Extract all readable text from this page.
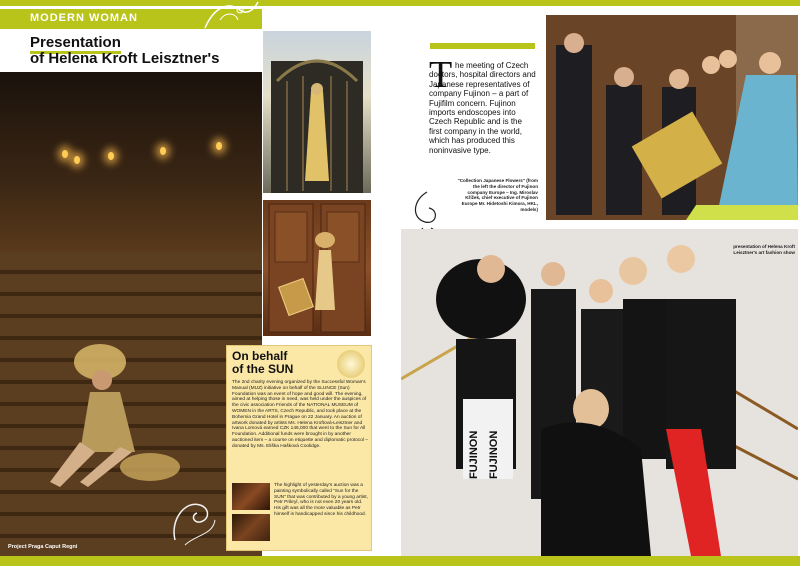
MODERN WOMAN
Presentation
of Helena Kroft Leisztner's
On behalf
of the SUN
The 2nd charity evening organized by the Successful Woman's Manual (MUZ) initiative on behalf of the SLUNCE (Sun) Foundation was an event of hope and good will. The evening, aimed at helping those in need, was held under the auspices of the civic association Friends of the NATIONAL MUSEUM of WOMEN in the ARTS, Czech Republic, and took place at the Bohemia Grand Hotel in Prague on 22 January. An auction of artwork donated by artists Ms. Helena Kroftová-Leisztner and Ivana Lomová earned CZK 146,000 that went to the Sun for All Foundation. Additional funds were brought in by another auctioned item – a course on etiquette and diplomatic protocol – donated by Ms. Eliška Hašková Coolidge.
The highlight of yesterday's auction was a painting symbolically called "Sun for the SUN" that was contributed by a young artist, Petr Prikryl, who is not even 20 years old. His gift was all the more valuable as Petr himself is handicapped since his childhood.
Project Praga Caput Regni
T he meeting of Czech doctors, hospital directors and Japanese representatives of company Fujinon – a part of Fujifilm concern. Fujinon imports endoscopes into Czech Republic and is the first company in the world, which has produced this noninvasive type.
"Collection Japanese Flowers" (from the left the director of Fujinon company Europe – Ing. Miroslav Křížek, chief executive of Fujinon Europe Mr. Hidetoshi Kimora, HKL, models)
FUJINON FUJINON
presentation of Helena Kroft Leisztner's art fashion show
